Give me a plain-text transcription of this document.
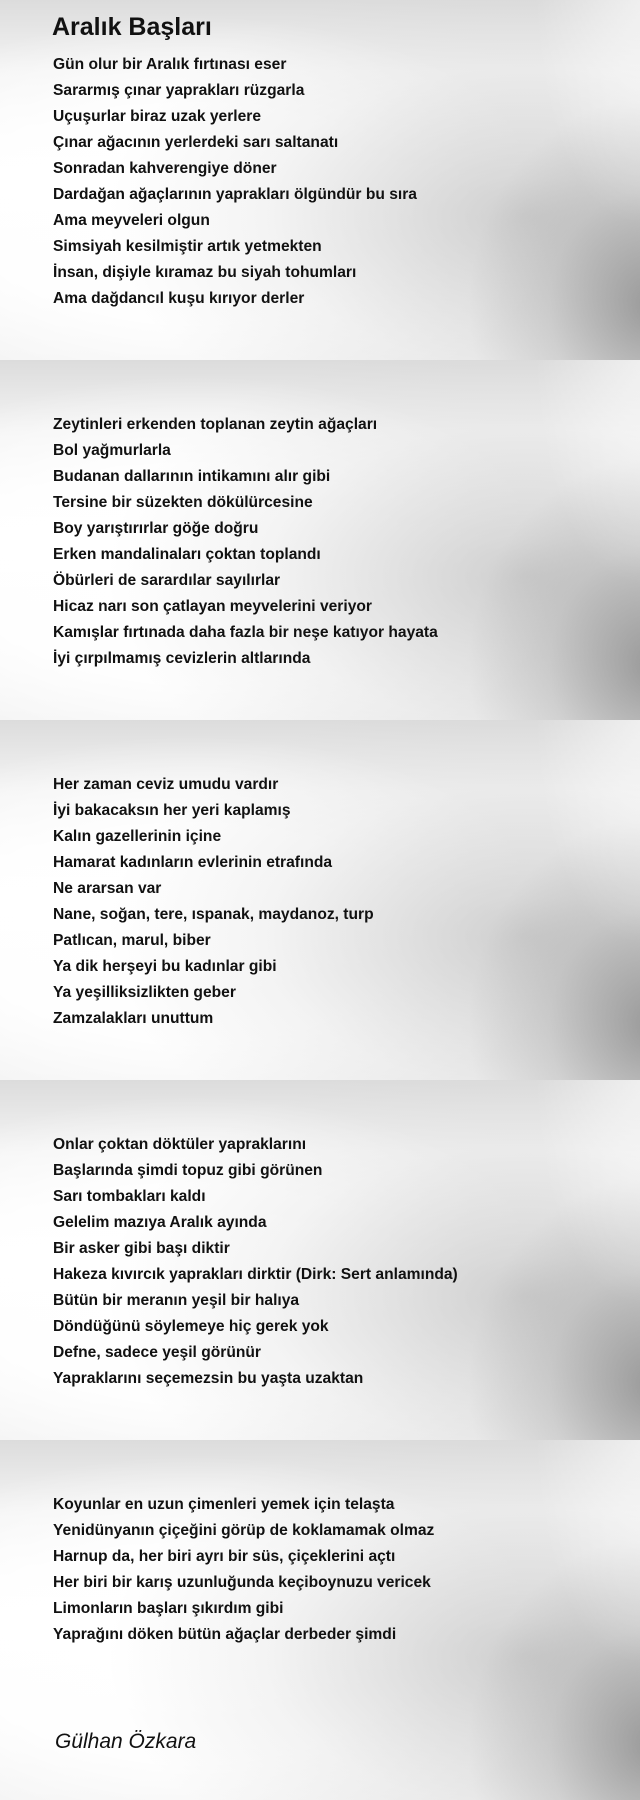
Aralık Başları
Gün olur bir Aralık fırtınası eser
Sararmış çınar yaprakları rüzgarla
Uçuşurlar biraz uzak yerlere
Çınar ağacının yerlerdeki sarı saltanatı
Sonradan kahverengiye döner
Dardağan ağaçlarının yaprakları ölgündür bu sıra
Ama meyveleri olgun
Simsiyah kesilmiştir artık yetmekten
İnsan, dişiyle kıramaz bu siyah tohumları
Ama dağdancıl kuşu kırıyor derler
Zeytinleri erkenden toplanan zeytin ağaçları
Bol yağmurlarla
Budanan dallarının intikamını alır gibi
Tersine bir süzekten dökülürcesine
Boy yarıştırırlar göğe doğru
Erken mandalinaları çoktan toplandı
Öbürleri de sarardılar sayılırlar
Hicaz narı son çatlayan meyvelerini veriyor
Kamışlar fırtınada daha fazla bir neşe katıyor hayata
İyi çırpılmamış cevizlerin altlarında
Her zaman ceviz umudu vardır
İyi bakacaksın her yeri kaplamış
Kalın gazellerinin içine
Hamarat kadınların evlerinin etrafında
Ne ararsan var
Nane, soğan, tere, ıspanak, maydanoz, turp
Patlıcan, marul, biber
Ya dik herşeyi bu kadınlar gibi
Ya yeşilliksizlikten geber
Zamzalakları unuttum
Onlar çoktan döktüler yapraklarını
Başlarında şimdi topuz gibi görünen
Sarı tombakları kaldı
Gelelim mazıya Aralık ayında
Bir asker gibi başı diktir
Hakeza kıvırcık yaprakları dirktir (Dirk: Sert anlamında)
Bütün bir meranın yeşil bir halıya
Döndüğünü söylemeye hiç gerek yok
Defne, sadece yeşil görünür
Yapraklarını seçemezsin bu yaşta uzaktan
Koyunlar en uzun çimenleri yemek için telaşta
Yenidünyanın çiçeğini görüp de koklamamak olmaz
Harnup da, her biri ayrı bir süs, çiçeklerini açtı
Her biri bir karış uzunluğunda keçiboynuzu vericek
Limonların başları şıkırdım gibi
Yaprağını döken bütün ağaçlar derbeder şimdi
Gülhan Özkara
